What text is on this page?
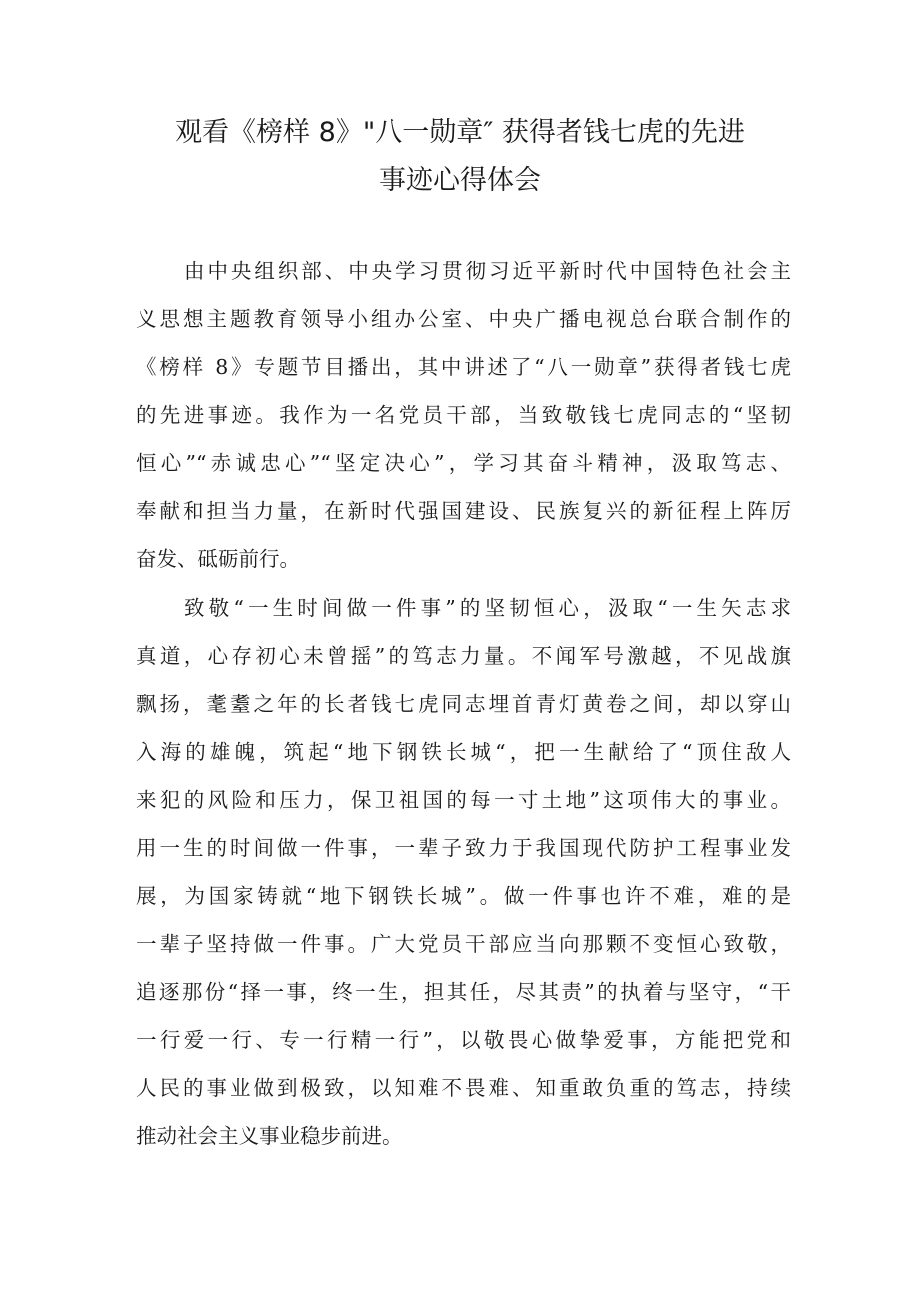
观看《榜样 8》"八一勋章″ 获得者钱七虎的先进
事迹心得体会
由中央组织部、中央学习贯彻习近平新时代中国特色社会主
义思想主题教育领导小组办公室、中央广播电视总台联合制作的
《榜样 8》专题节目播出，其中讲述了“八一勋章”获得者钱七虎
的先进事迹。我作为一名党员干部，当致敬钱七虎同志的“坚韧
恒心”“赤诚忠心”“坚定决心”，学习其奋斗精神，汲取笃志、
奉献和担当力量，在新时代强国建设、民族复兴的新征程上阵厉
奋发、砥砺前行。
致敬“一生时间做一件事”的坚韧恒心，汲取“一生矢志求
真道，心存初心未曾摇”的笃志力量。不闻军号激越，不见战旗
飘扬，耄耋之年的长者钱七虎同志埋首青灯黄卷之间，却以穿山
入海的雄魄，筑起“地下钢铁长城“，把一生献给了“顶住敌人
来犯的风险和压力，保卫祖国的每一寸土地”这项伟大的事业。
用一生的时间做一件事，一辈子致力于我国现代防护工程事业发
展，为国家铸就“地下钢铁长城”。做一件事也许不难，难的是
一辈子坚持做一件事。广大党员干部应当向那颗不变恒心致敬，
追逐那份“择一事，终一生，担其任，尽其责”的执着与坚守，“干
一行爱一行、专一行精一行”，以敬畏心做挚爱事，方能把党和
人民的事业做到极致，以知难不畏难、知重敢负重的笃志，持续
推动社会主义事业稳步前进。
